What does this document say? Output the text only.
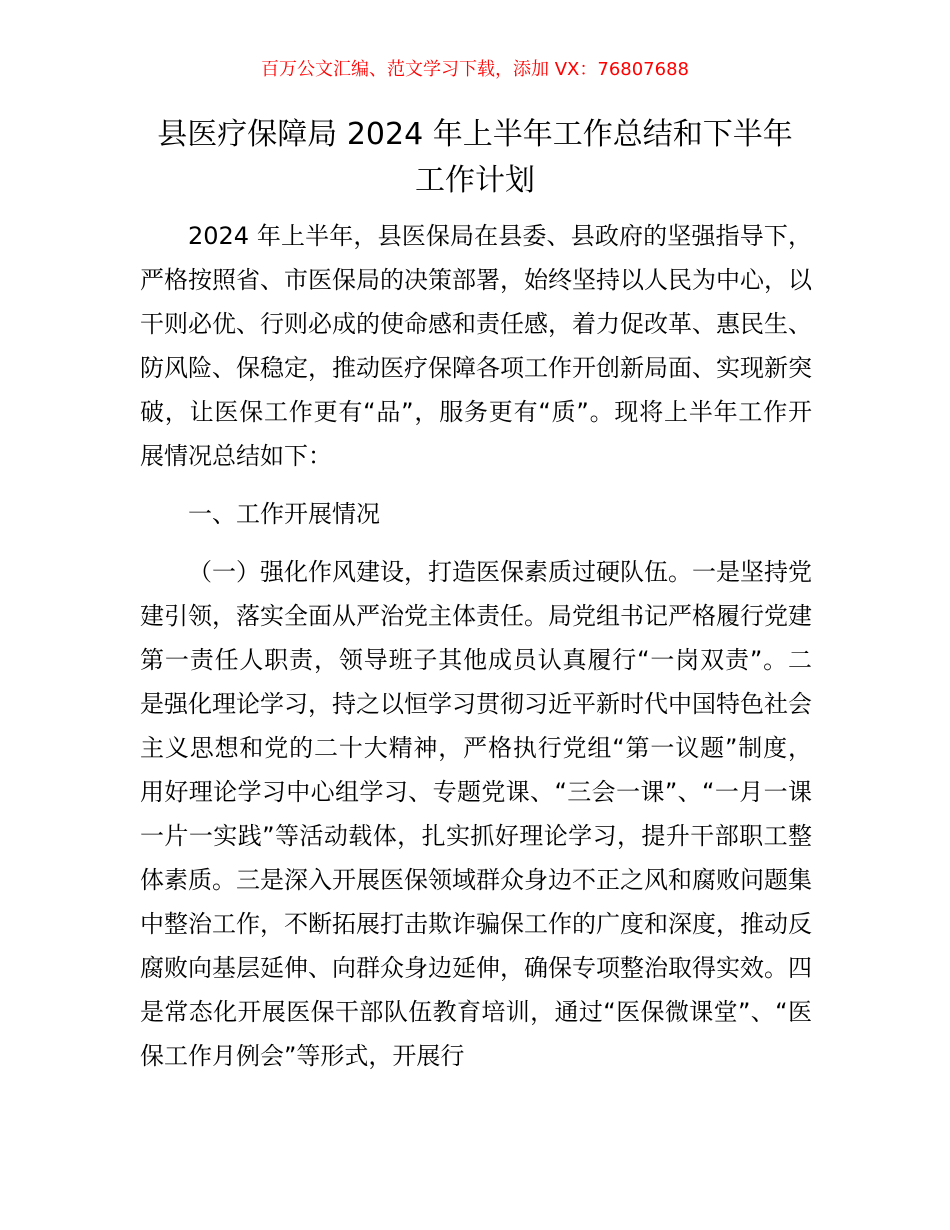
百万公文汇编、范文学习下载，添加 VX：76807688
县医疗保障局 2024 年上半年工作总结和下半年
工作计划

2024 年上半年，县医保局在县委、县政府的坚强指导下，严格按照省、市医保局的决策部署，始终坚持以人民为中心，以干则必优、行则必成的使命感和责任感，着力促改革、惠民生、防风险、保稳定，推动医疗保障各项工作开创新局面、实现新突破，让医保工作更有“品”，服务更有“质”。现将上半年工作开展情况总结如下：

一、工作开展情况

（一）强化作风建设，打造医保素质过硬队伍。一是坚持党建引领，落实全面从严治党主体责任。局党组书记严格履行党建第一责任人职责，领导班子其他成员认真履行“一岗双责”。二是强化理论学习，持之以恒学习贯彻习近平新时代中国特色社会主义思想和党的二十大精神，严格执行党组“第一议题”制度，用好理论学习中心组学习、专题党课、“三会一课”、“一月一课一片一实践”等活动载体，扎实抓好理论学习，提升干部职工整体素质。三是深入开展医保领域群众身边不正之风和腐败问题集中整治工作，不断拓展打击欺诈骗保工作的广度和深度，推动反腐败向基层延伸、向群众身边延伸，确保专项整治取得实效。四是常态化开展医保干部队伍教育培训，通过“医保微课堂”、“医保工作月例会”等形式，开展行
